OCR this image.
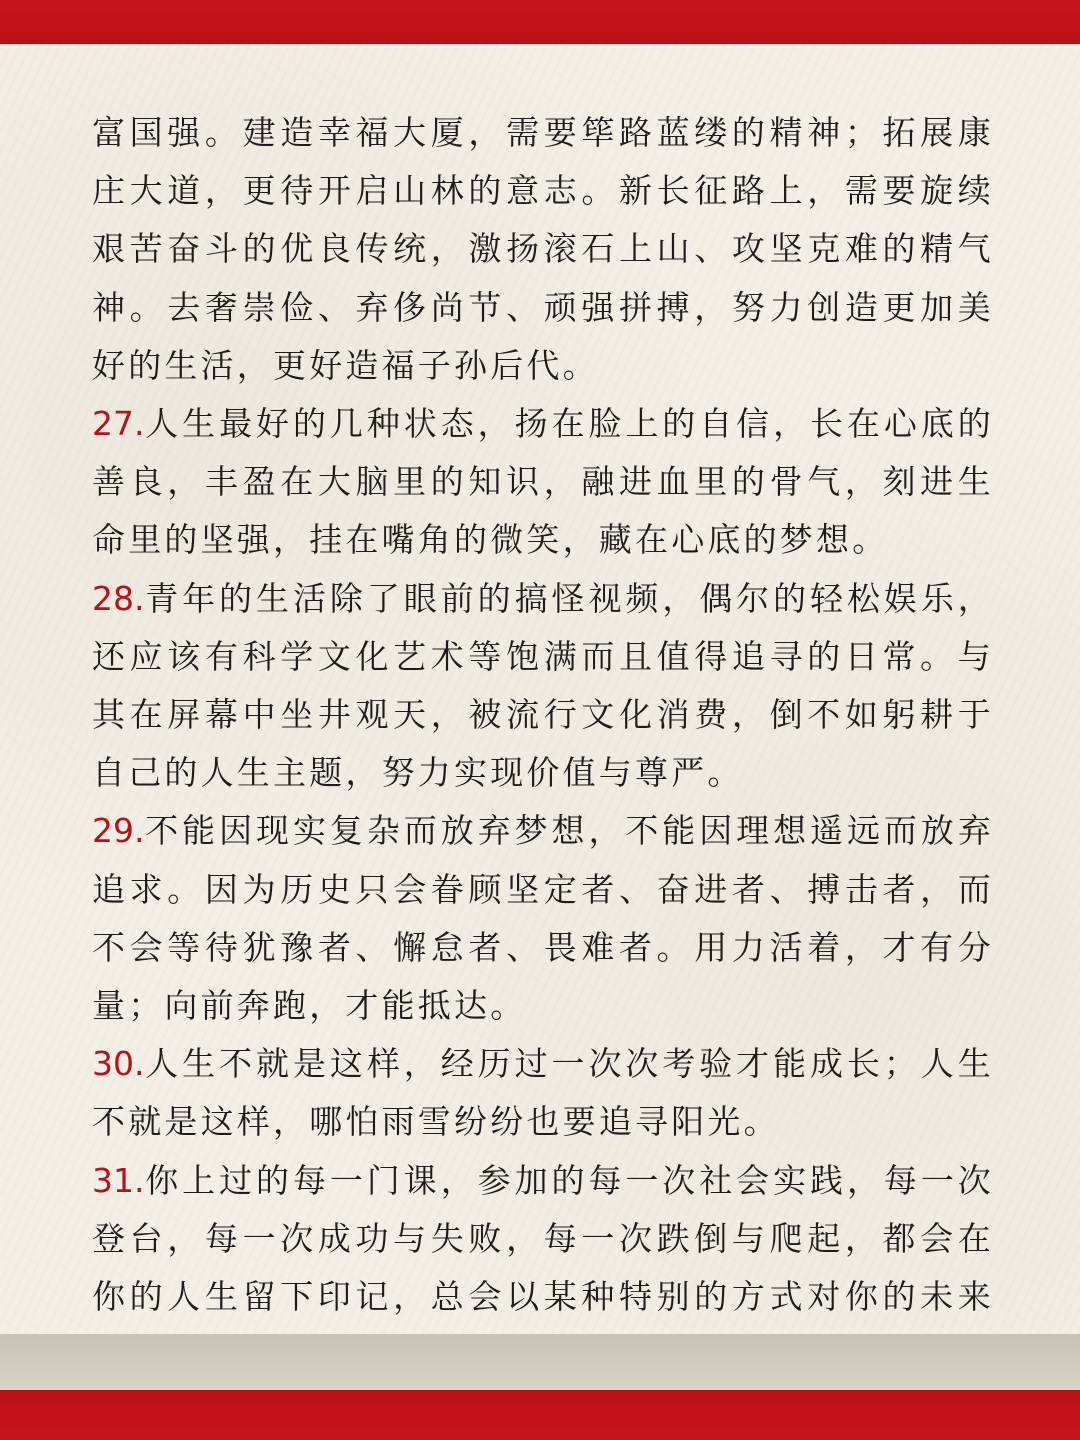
富国强。建造幸福大厦，需要筚路蓝缕的精神；拓展康庄大道，更待开启山林的意志。新长征路上，需要旋续艰苦奋斗的优良传统，激扬滚石上山、攻坚克难的精气神。去奢崇俭、弃侈尚节、顽强拼搏，努力创造更加美好的生活，更好造福子孙后代。

27.人生最好的几种状态，扬在脸上的自信，长在心底的善良，丰盈在大脑里的知识，融进血里的骨气，刻进生命里的坚强，挂在嘴角的微笑，藏在心底的梦想。

28.青年的生活除了眼前的搞怪视频，偶尔的轻松娱乐，还应该有科学文化艺术等饱满而且值得追寻的日常。与其在屏幕中坐井观天，被流行文化消费，倒不如躬耕于自己的人生主题，努力实现价值与尊严。

29.不能因现实复杂而放弃梦想，不能因理想遥远而放弃追求。因为历史只会眷顾坚定者、奋进者、搏击者，而不会等待犹豫者、懈怠者、畏难者。用力活着，才有分量；向前奔跑，才能抵达。

30.人生不就是这样，经历过一次次考验才能成长；人生不就是这样，哪怕雨雪纷纷也要追寻阳光。

31.你上过的每一门课，参加的每一次社会实践，每一次登台，每一次成功与失败，每一次跌倒与爬起，都会在你的人生留下印记，总会以某种特别的方式对你的未来
